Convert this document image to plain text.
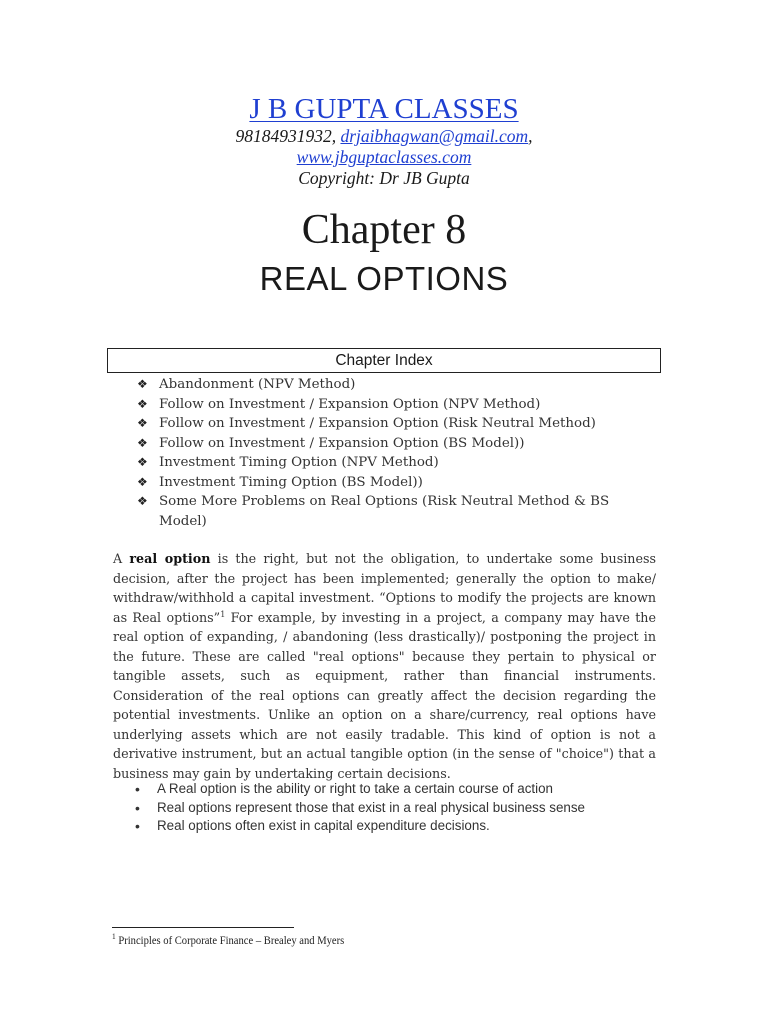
J B GUPTA CLASSES
98184931932, drjaibhagwan@gmail.com,
www.jbguptaclasses.com
Copyright: Dr JB Gupta
Chapter 8
REAL OPTIONS
Chapter Index
❖ Abandonment (NPV Method)
❖ Follow on Investment / Expansion Option (NPV Method)
❖ Follow on Investment / Expansion Option (Risk Neutral Method)
❖ Follow on Investment / Expansion Option (BS Model))
❖ Investment Timing Option (NPV Method)
❖ Investment Timing Option (BS Model))
❖ Some More Problems on Real Options (Risk Neutral Method & BS Model)

A real option is the right, but not the obligation, to undertake some business decision, after the project has been implemented; generally the option to make/ withdraw/withhold a capital investment. “Options to modify the projects are known as Real options”$^1$ For example, by investing in a project, a company may have the real option of expanding, / abandoning (less drastically)/ postponing the project in the future. These are called "real options" because they pertain to physical or tangible assets, such as equipment, rather than financial instruments. Consideration of the real options can greatly affect the decision regarding the potential investments. Unlike an option on a share/currency, real options have underlying assets which are not easily tradable. This kind of option is not a derivative instrument, but an actual tangible option (in the sense of "choice") that a business may gain by undertaking certain decisions.

• A Real option is the ability or right to take a certain course of action
• Real options represent those that exist in a real physical business sense
• Real options often exist in capital expenditure decisions.
$^1$ Principles of Corporate Finance – Brealey and Myers
